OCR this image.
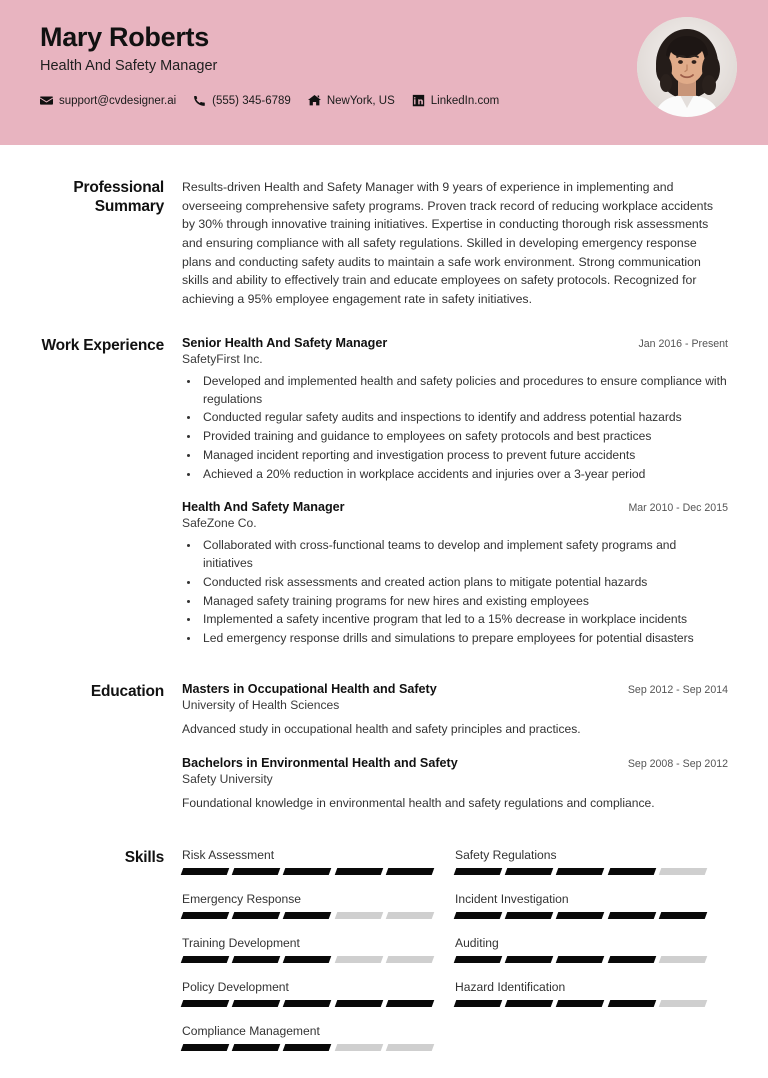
Mary Roberts
Health And Safety Manager
support@cvdesigner.ai	(555) 345-6789	NewYork, US	LinkedIn.com
Professional Summary
Results-driven Health and Safety Manager with 9 years of experience in implementing and overseeing comprehensive safety programs. Proven track record of reducing workplace accidents by 30% through innovative training initiatives. Expertise in conducting thorough risk assessments and ensuring compliance with all safety regulations. Skilled in developing emergency response plans and conducting safety audits to maintain a safe work environment. Strong communication skills and ability to effectively train and educate employees on safety protocols. Recognized for achieving a 95% employee engagement rate in safety initiatives.
Work Experience	Senior Health And Safety Manager	Jan 2016 - Present
SafetyFirst Inc.
• Developed and implemented health and safety policies and procedures to ensure compliance with regulations
• Conducted regular safety audits and inspections to identify and address potential hazards
• Provided training and guidance to employees on safety protocols and best practices
• Managed incident reporting and investigation process to prevent future accidents
• Achieved a 20% reduction in workplace accidents and injuries over a 3-year period
Health And Safety Manager	Mar 2010 - Dec 2015
SafeZone Co.
• Collaborated with cross-functional teams to develop and implement safety programs and initiatives
• Conducted risk assessments and created action plans to mitigate potential hazards
• Managed safety training programs for new hires and existing employees
• Implemented a safety incentive program that led to a 15% decrease in workplace incidents
• Led emergency response drills and simulations to prepare employees for potential disasters
Education	Masters in Occupational Health and Safety	Sep 2012 - Sep 2014
University of Health Sciences
Advanced study in occupational health and safety principles and practices.
Bachelors in Environmental Health and Safety	Sep 2008 - Sep 2012
Safety University
Foundational knowledge in environmental health and safety regulations and compliance.
Skills	Risk Assessment	Safety Regulations
Emergency Response	Incident Investigation
Training Development	Auditing
Policy Development	Hazard Identification
Compliance Management
